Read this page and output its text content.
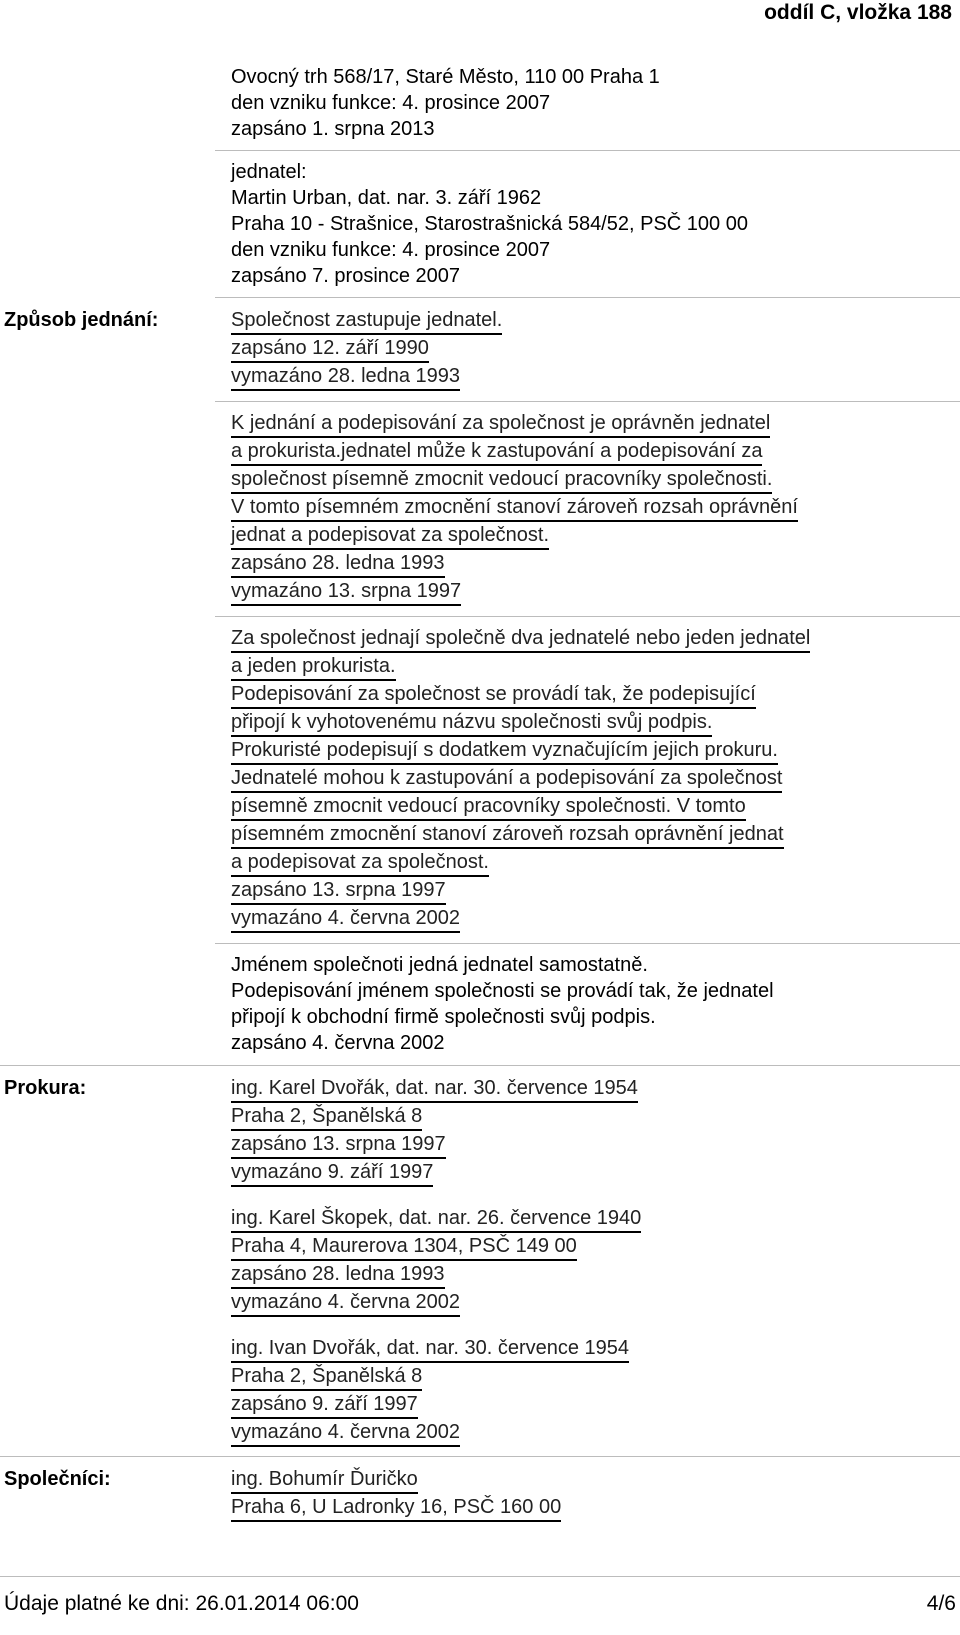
oddíl C, vložka 188
Ovocný trh 568/17, Staré Město, 110 00 Praha 1
den vzniku funkce: 4. prosince 2007
zapsáno 1. srpna 2013
jednatel:
Martin Urban, dat. nar. 3. září 1962
Praha 10 - Strašnice, Starostrašnická 584/52, PSČ 100 00
den vzniku funkce: 4. prosince 2007
zapsáno 7. prosince 2007
Způsob jednání:	Společnost zastupuje jednatel.
zapsáno 12. září 1990
vymazáno 28. ledna 1993
K jednání a podepisování za společnost je oprávněn jednatel
a prokurista.jednatel může k zastupování a podepisování za
společnost písemně zmocnit vedoucí pracovníky společnosti.
V tomto písemném zmocnění stanoví zároveň rozsah oprávnění
jednat a podepisovat za společnost.
zapsáno 28. ledna 1993
vymazáno 13. srpna 1997
Za společnost jednají společně dva jednatelé nebo jeden jednatel
a jeden prokurista.
Podepisování za společnost se provádí tak, že podepisující
připojí k vyhotovenému názvu společnosti svůj podpis.
Prokuristé podepisují s dodatkem vyznačujícím jejich prokuru.
Jednatelé mohou k zastupování a podepisování za společnost
písemně zmocnit vedoucí pracovníky společnosti. V tomto
písemném zmocnění stanoví zároveň rozsah oprávnění jednat
a podepisovat za společnost.
zapsáno 13. srpna 1997
vymazáno 4. června 2002
Jménem společnoti jedná jednatel samostatně.
Podepisování jménem společnosti se provádí tak, že jednatel
připojí k obchodní firmě společnosti svůj podpis.
zapsáno 4. června 2002
Prokura:	ing. Karel Dvořák, dat. nar. 30. července 1954
Praha 2, Španělská 8
zapsáno 13. srpna 1997
vymazáno 9. září 1997
ing. Karel Škopek, dat. nar. 26. července 1940
Praha 4, Maurerova 1304, PSČ 149 00
zapsáno 28. ledna 1993
vymazáno 4. června 2002
ing. Ivan Dvořák, dat. nar. 30. července 1954
Praha 2, Španělská 8
zapsáno 9. září 1997
vymazáno 4. června 2002
Společníci:	ing. Bohumír Ďuričko
Praha 6, U Ladronky 16, PSČ 160 00
Údaje platné ke dni: 26.01.2014 06:00	4/6
